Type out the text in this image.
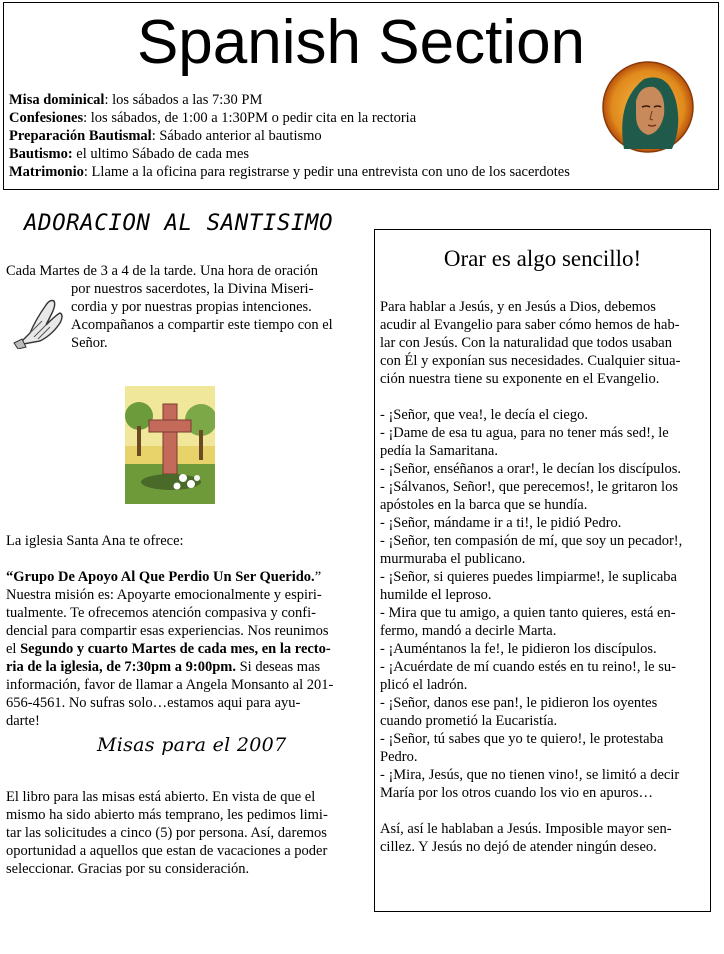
Spanish Section
Misa dominical: los sábados a las 7:30 PM
Confesiones: los sábados, de 1:00 a 1:30PM o pedir cita en la rectoria
Preparación Bautismal: Sábado anterior al bautismo
Bautismo: el ultimo Sábado de cada mes
Matrimonio: Llame a la oficina para registrarse y pedir una entrevista con uno de los sacerdotes
ADORACION AL SANTISIMO
Cada Martes de 3 a 4 de la tarde. Una hora de oración
por nuestros sacerdotes, la Divina Miseri-
cordia y por nuestras propias intenciones.
Acompañanos a compartir este tiempo con el
Señor.
La iglesia Santa Ana te ofrece:
“Grupo De Apoyo Al Que Perdio Un Ser Querido.”
Nuestra misión es: Apoyarte emocionalmente y espiri-
tualmente. Te ofrecemos atención compasiva y confi-
dencial para compartir esas experiencias. Nos reunimos
el Segundo y cuarto Martes de cada mes, en la recto-
ria de la iglesia, de 7:30pm a 9:00pm. Si deseas mas
información, favor de llamar a Angela Monsanto al 201-
656-4561. No sufras solo…estamos aqui para ayu-
darte!
Misas para el 2007
El libro para las misas está abierto. En vista de que el
mismo ha sido abierto más temprano, les pedimos limi-
tar las solicitudes a cinco (5) por persona. Así, daremos
oportunidad a aquellos que estan de vacaciones a poder
seleccionar. Gracias por su consideración.
Orar es algo sencillo!
Para hablar a Jesús, y en Jesús a Dios, debemos
acudir al Evangelio para saber cómo hemos de hab-
lar con Jesús. Con la naturalidad que todos usaban
con Él y exponían sus necesidades. Cualquier situa-
ción nuestra tiene su exponente en el Evangelio.
- ¡Señor, que vea!, le decía el ciego.
- ¡Dame de esa tu agua, para no tener más sed!, le
pedía la Samaritana.
- ¡Señor, enséñanos a orar!, le decían los discípulos.
- ¡Sálvanos, Señor!, que perecemos!, le gritaron los
apóstoles en la barca que se hundía.
- ¡Señor, mándame ir a ti!, le pidió Pedro.
- ¡Señor, ten compasión de mí, que soy un pecador!,
murmuraba el publicano.
- ¡Señor, si quieres puedes limpiarme!, le suplicaba
humilde el leproso.
- Mira que tu amigo, a quien tanto quieres, está en-
fermo, mandó a decirle Marta.
- ¡Auméntanos la fe!, le pidieron los discípulos.
- ¡Acuérdate de mí cuando estés en tu reino!, le su-
plicó el ladrón.
- ¡Señor, danos ese pan!, le pidieron los oyentes
cuando prometió la Eucaristía.
- ¡Señor, tú sabes que yo te quiero!, le protestaba
Pedro.
- ¡Mira, Jesús, que no tienen vino!, se limitó a decir
María por los otros cuando los vio en apuros…
Así, así le hablaban a Jesús. Imposible mayor sen-
cillez. Y Jesús no dejó de atender ningún deseo.
